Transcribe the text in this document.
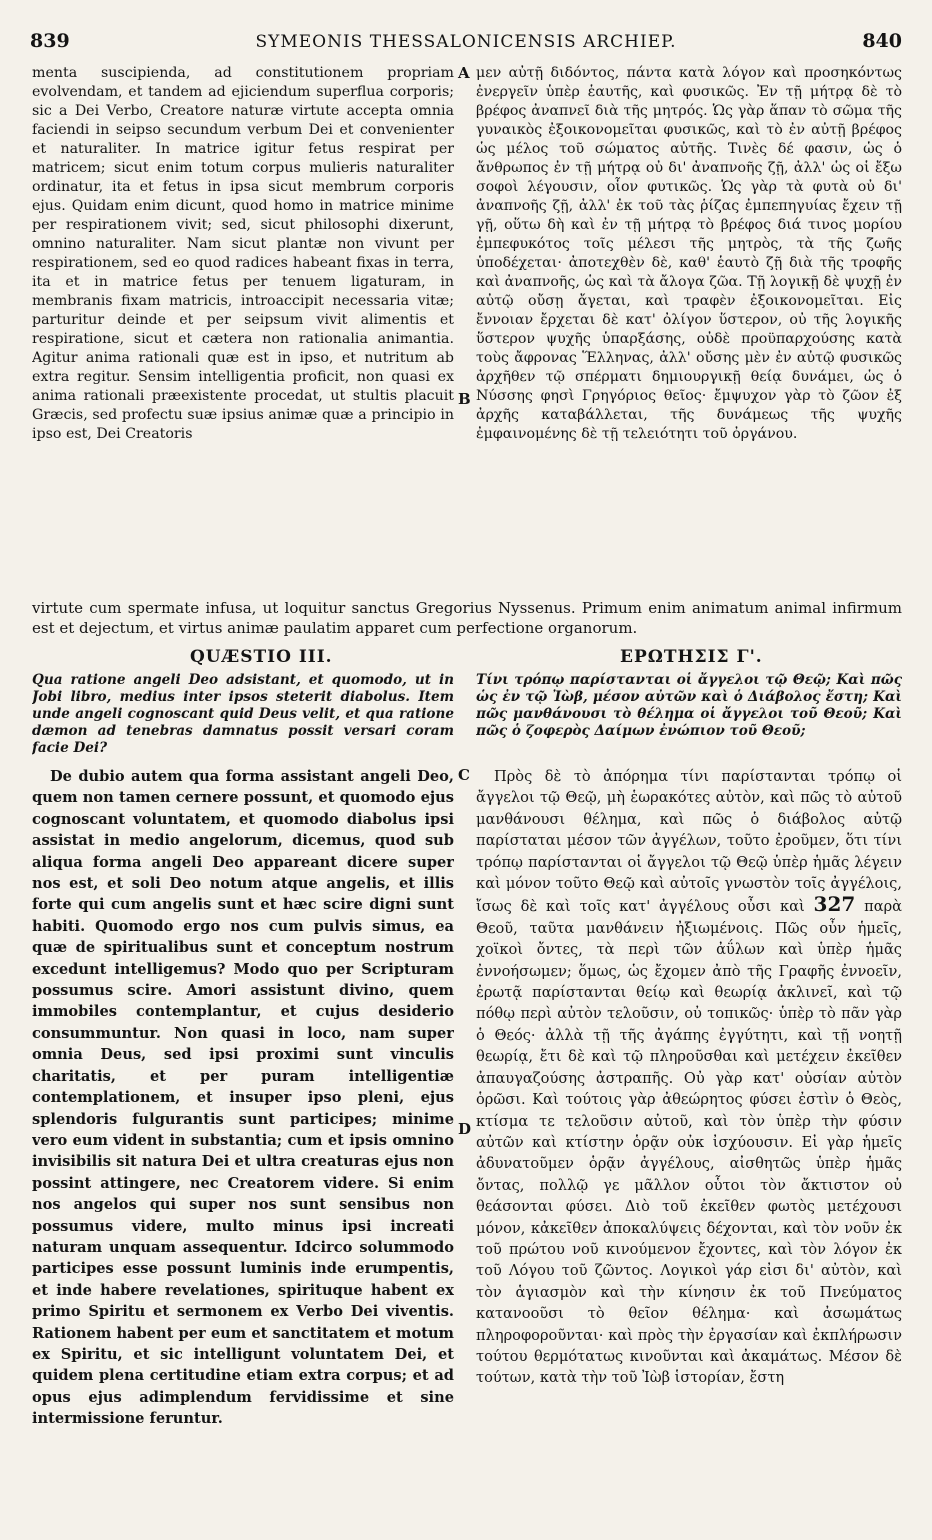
839	SYMEONIS THESSALONICENSIS ARCHIEP.	840

menta suscipienda, ad constitutionem propriam evolvendam, et tandem ad ejiciendum superflua corporis; sic a Dei Verbo, Creatore naturæ virtute accepta omnia faciendi in seipso secundum verbum Dei et convenienter et naturaliter. In matrice igitur fetus respirat per matricem; sicut enim totum corpus mulieris naturaliter ordinatur, ita et fetus in ipsa sicut membrum corporis ejus. Quidam enim dicunt, quod homo in matrice minime per respirationem vivit; sed, sicut philosophi dixerunt, omnino naturaliter. Nam sicut plantæ non vivunt per respirationem, sed eo quod radices habeant fixas in terra, ita et in matrice fetus per tenuem ligaturam, in membranis fixam matricis, introaccipit necessaria vitæ; parturitur deinde et per seipsum vivit alimentis et respiratione, sicut et cætera non rationalia animantia. Agitur anima rationali quæ est in ipso, et nutritum ab extra regitur. Sensim intelligentia proficit, non quasi ex anima rationali præexistente procedat, ut stultis placuit Græcis, sed profectu suæ ipsius animæ quæ a principio in ipso est, Dei Creatoris

μεν αὐτῇ διδόντος, πάντα κατὰ λόγον καὶ προσηκόντως ἐνεργεῖν ὑπὲρ ἑαυτῆς, καὶ φυσικῶς. Ἐν τῇ μήτρᾳ δὲ τὸ βρέφος ἀναπνεῖ διὰ τῆς μητρός. Ὡς γὰρ ἅπαν τὸ σῶμα τῆς γυναικὸς ἐξοικονομεῖται φυσικῶς, καὶ τὸ ἐν αὐτῇ βρέφος ὡς μέλος τοῦ σώματος αὐτῆς. Τινὲς δέ φασιν, ὡς ὁ ἄνθρωπος ἐν τῇ μήτρᾳ οὐ δι' ἀναπνοῆς ζῇ, ἀλλ' ὡς οἱ ἔξω σοφοὶ λέγουσιν, οἷον φυτικῶς. Ὡς γὰρ τὰ φυτὰ οὐ δι' ἀναπνοῆς ζῇ, ἀλλ' ἐκ τοῦ τὰς ῥίζας ἐμπεπηγυίας ἔχειν τῇ γῇ, οὕτω δὴ καὶ ἐν τῇ μήτρᾳ τὸ βρέφος διά τινος μορίου ἐμπεφυκότος τοῖς μέλεσι τῆς μητρὸς, τὰ τῆς ζωῆς ὑποδέχεται· ἀποτεχθὲν δὲ, καθ' ἑαυτὸ ζῇ διὰ τῆς τροφῆς καὶ ἀναπνοῆς, ὡς καὶ τὰ ἄλογα ζῶα. Τῇ λογικῇ δὲ ψυχῇ ἐν αὐτῷ οὔσῃ ἄγεται, καὶ τραφὲν ἐξοικονομεῖται. Εἰς ἔννοιαν ἔρχεται δὲ κατ' ὀλίγον ὕστερον, οὐ τῆς λογικῆς ὕστερον ψυχῆς ὑπαρξάσης, οὐδὲ προϋπαρχούσης κατὰ τοὺς ἄφρονας Ἕλληνας, ἀλλ' οὔσης μὲν ἐν αὐτῷ φυσικῶς ἀρχῆθεν τῷ σπέρματι δημιουργικῇ θείᾳ δυνάμει, ὡς ὁ Νύσσης φησὶ Γρηγόριος θεῖος· ἔμψυχον γὰρ τὸ ζῶον ἐξ ἀρχῆς καταβάλλεται, τῆς δυνάμεως τῆς ψυχῆς ἐμφαινομένης δὲ τῇ τελειότητι τοῦ ὀργάνου.

A
B
virtute cum spermate infusa, ut loquitur sanctus Gregorius Nyssenus. Primum enim animatum animal infirmum est et dejectum, et virtus animæ paulatim apparet cum perfectione organorum.
QUÆSTIO III.	ΕΡΩΤΗΣΙΣ Γ'.
Qua ratione angeli Deo adsistant, et quomodo, ut in Jobi libro, medius inter ipsos steterit diabolus. Item unde angeli cognoscant quid Deus velit, et qua ratione dæmon ad tenebras damnatus possit versari coram facie Dei?
Τίνι τρόπῳ παρίστανται οἱ ἄγγελοι τῷ Θεῷ; Καὶ πῶς ὡς ἐν τῷ Ἰὼβ, μέσον αὐτῶν καὶ ὁ Διάβολος ἔστη; Καὶ πῶς μανθάνουσι τὸ θέλημα οἱ ἄγγελοι τοῦ Θεοῦ; Καὶ πῶς ὁ ζοφερὸς Δαίμων ἐνώπιον τοῦ Θεοῦ;
C
D

De dubio autem qua forma assistant angeli Deo, quem non tamen cernere possunt, et quomodo ejus cognoscant voluntatem, et quomodo diabolus ipsi assistat in medio angelorum, dicemus, quod sub aliqua forma angeli Deo appareant dicere super nos est, et soli Deo notum atque angelis, et illis forte qui cum angelis sunt et hæc scire digni sunt habiti. Quomodo ergo nos cum pulvis simus, ea quæ de spiritualibus sunt et conceptum nostrum excedunt intelligemus? Modo quo per Scripturam possumus scire. Amori assistunt divino, quem immobiles contemplantur, et cujus desiderio consummuntur. Non quasi in loco, nam super omnia Deus, sed ipsi proximi sunt vinculis charitatis, et per puram intelligentiæ contemplationem, et insuper ipso pleni, ejus splendoris fulgurantis sunt participes; minime vero eum vident in substantia; cum et ipsis omnino invisibilis sit natura Dei et ultra creaturas ejus non possint attingere, nec Creatorem videre. Si enim nos angelos qui super nos sunt sensibus non possumus videre, multo minus ipsi increati naturam unquam assequentur. Idcirco solummodo participes esse possunt luminis inde erumpentis, et inde habere revelationes, spirituque habent ex primo Spiritu et sermonem ex Verbo Dei viventis. Rationem habent per eum et sanctitatem et motum ex Spiritu, et sic intelligunt voluntatem Dei, et quidem plena certitudine etiam extra corpus; et ad opus ejus adimplendum fervidissime et sine intermissione feruntur.

Πρὸς δὲ τὸ ἀπόρημα τίνι παρίστανται τρόπῳ οἱ ἄγγελοι τῷ Θεῷ, μὴ ἑωρακότες αὐτὸν, καὶ πῶς τὸ αὐτοῦ μανθάνουσι θέλημα, καὶ πῶς ὁ διάβολος αὐτῷ παρίσταται μέσον τῶν ἀγγέλων, τοῦτο ἐροῦμεν, ὅτι τίνι τρόπῳ παρίστανται οἱ ἄγγελοι τῷ Θεῷ ὑπὲρ ἡμᾶς λέγειν καὶ μόνον τοῦτο Θεῷ καὶ αὐτοῖς γνωστὸν τοῖς ἀγγέλοις, ἴσως δὲ καὶ τοῖς κατ' ἀγγέλους οὖσι καὶ 327 παρὰ Θεοῦ, ταῦτα μανθάνειν ἠξιωμένοις. Πῶς οὖν ἡμεῖς, χοϊκοὶ ὄντες, τὰ περὶ τῶν ἀΰλων καὶ ὑπὲρ ἡμᾶς ἐννοήσωμεν; ὅμως, ὡς ἔχομεν ἀπὸ τῆς Γραφῆς ἐννοεῖν, ἐρωτᾷ παρίστανται θείῳ καὶ θεωρίᾳ ἀκλινεῖ, καὶ τῷ πόθῳ περὶ αὐτὸν τελοῦσιν, οὐ τοπικῶς· ὑπὲρ τὸ πᾶν γὰρ ὁ Θεός· ἀλλὰ τῇ τῆς ἀγάπης ἐγγύτητι, καὶ τῇ νοητῇ θεωρίᾳ, ἔτι δὲ καὶ τῷ πληροῦσθαι καὶ μετέχειν ἐκεῖθεν ἀπαυγαζούσης ἀστραπῆς. Οὐ γὰρ κατ' οὐσίαν αὐτὸν ὁρῶσι. Καὶ τούτοις γὰρ ἀθεώρητος φύσει ἐστὶν ὁ Θεὸς, κτίσμα τε τελοῦσιν αὐτοῦ, καὶ τὸν ὑπὲρ τὴν φύσιν αὐτῶν καὶ κτίστην ὁρᾷν οὐκ ἰσχύουσιν. Εἰ γὰρ ἡμεῖς ἀδυνατοῦμεν ὁρᾷν ἀγγέλους, αἰσθητῶς ὑπὲρ ἡμᾶς ὄντας, πολλῷ γε μᾶλλον οὗτοι τὸν ἄκτιστον οὐ θεάσονται φύσει. Διὸ τοῦ ἐκεῖθεν φωτὸς μετέχουσι μόνον, κἀκεῖθεν ἀποκαλύψεις δέχονται, καὶ τὸν νοῦν ἐκ τοῦ πρώτου νοῦ κινούμενον ἔχοντες, καὶ τὸν λόγον ἐκ τοῦ Λόγου τοῦ ζῶντος. Λογικοὶ γάρ εἰσι δι' αὐτὸν, καὶ τὸν ἁγιασμὸν καὶ τὴν κίνησιν ἐκ τοῦ Πνεύματος κατανοοῦσι τὸ θεῖον θέλημα· καὶ ἀσωμάτως πληροφοροῦνται· καὶ πρὸς τὴν ἐργασίαν καὶ ἐκπλήρωσιν τούτου θερμότατως κινοῦνται καὶ ἀκαμάτως. Μέσον δὲ τούτων, κατὰ τὴν τοῦ Ἰὼβ ἱστορίαν, ἔστη
